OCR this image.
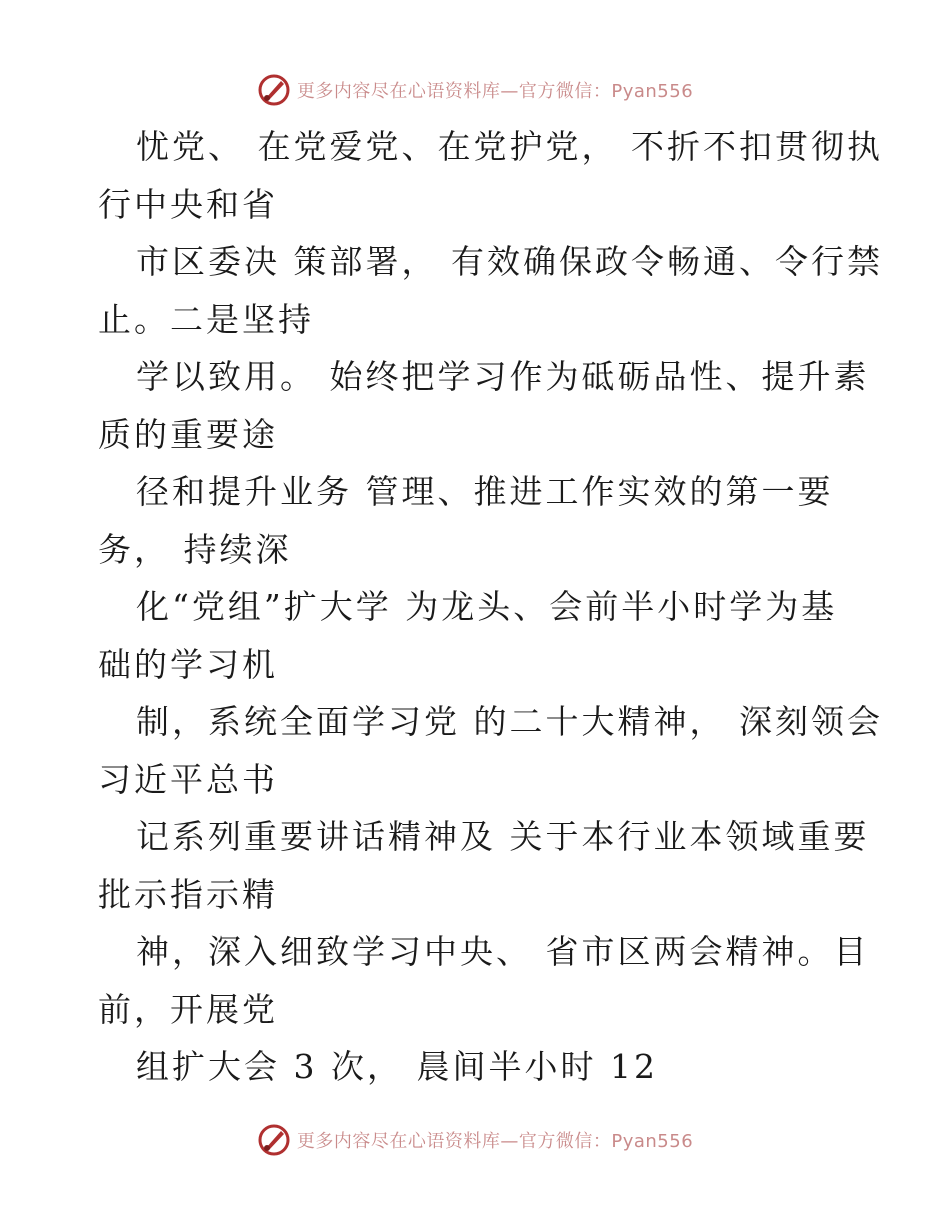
更多内容尽在心语资料库—官方微信：Pyan556
忧党、 在党爱党、在党护党， 不折不扣贯彻执
行中央和省
市区委决 策部署， 有效确保政令畅通、令行禁
止。二是坚持
学以致用。 始终把学习作为砥砺品性、提升素
质的重要途
径和提升业务 管理、推进工作实效的第一要
务， 持续深
化“党组”扩大学 为龙头、会前半小时学为基
础的学习机
制，系统全面学习党 的二十大精神， 深刻领会
习近平总书
记系列重要讲话精神及 关于本行业本领域重要
批示指示精
神，深入细致学习中央、 省市区两会精神。目
前，开展党
组扩大会 3 次， 晨间半小时 12
更多内容尽在心语资料库—官方微信：Pyan556
